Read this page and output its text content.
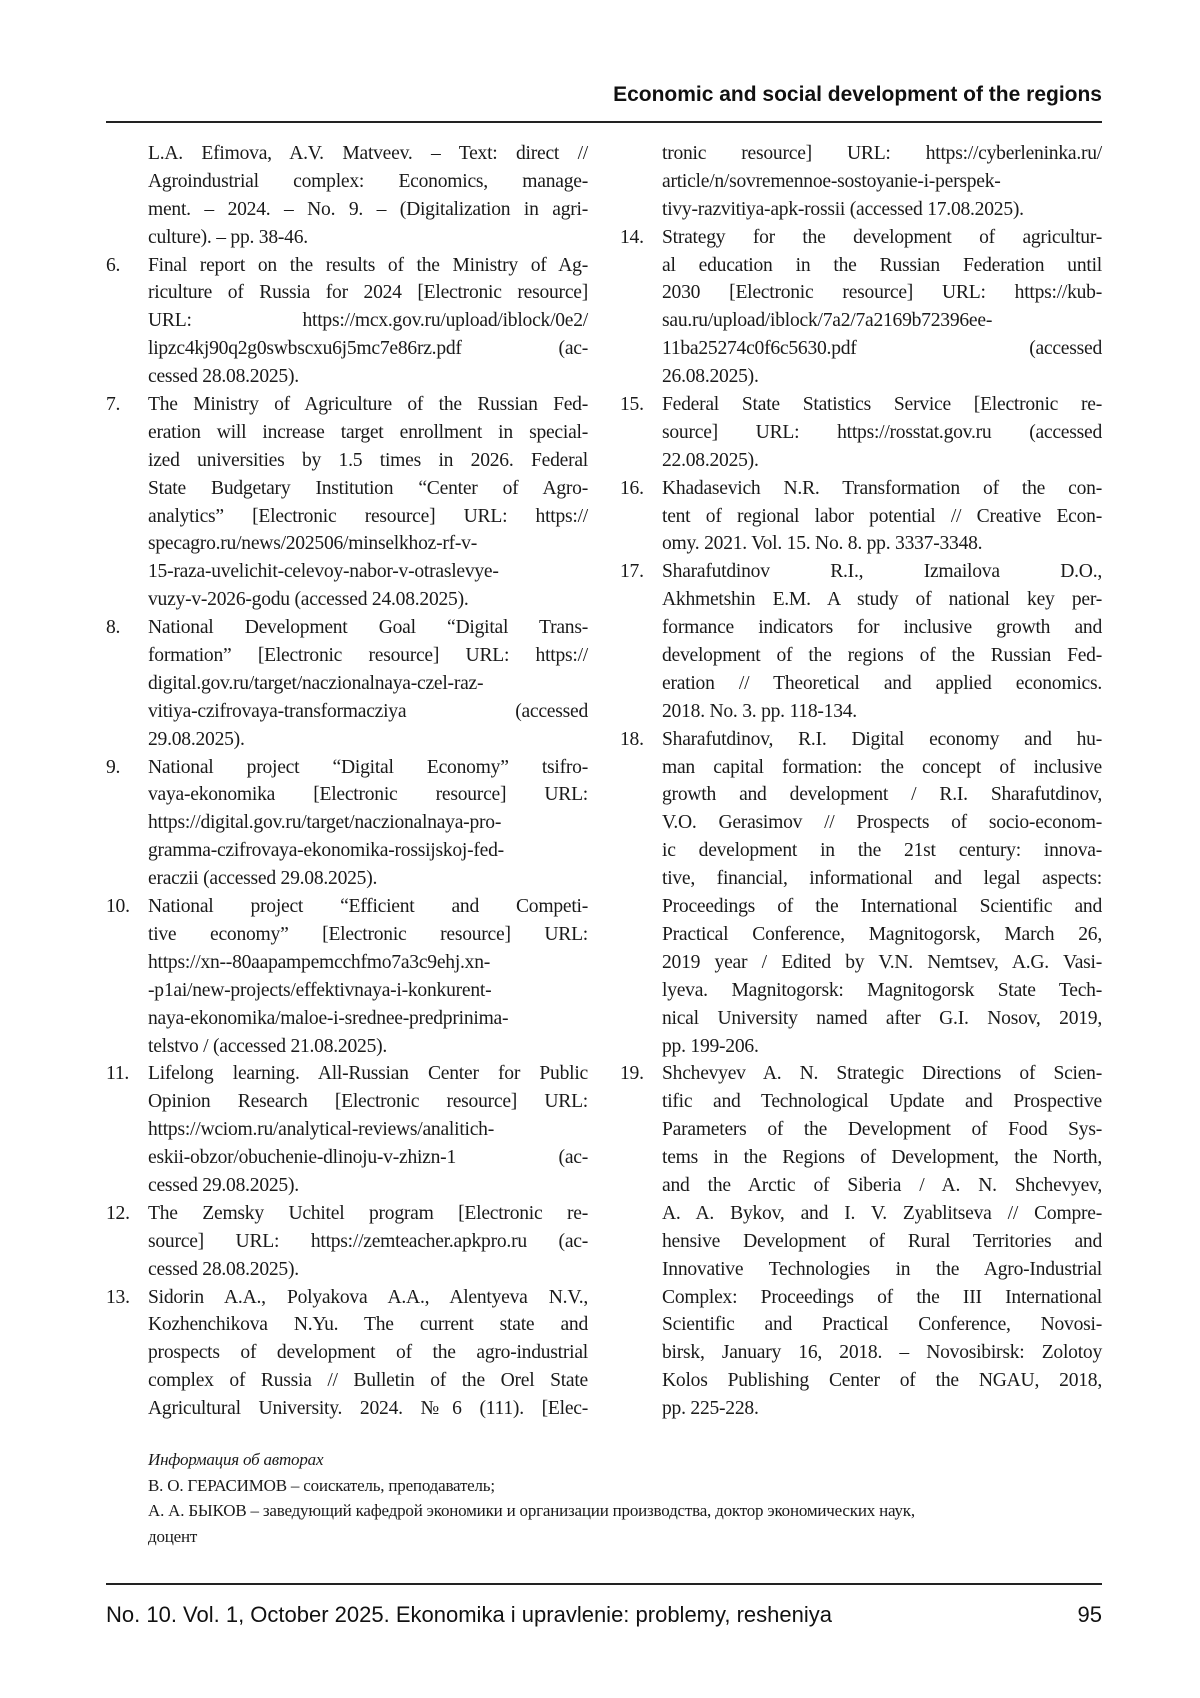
Economic and social development of the regions
L.A. Efimova, A.V. Matveev. – Text: direct //
Agroindustrial complex: Economics, manage-
ment. – 2024. – No. 9. – (Digitalization in agri-
culture). – pp. 38-46.
6. Final report on the results of the Ministry of Ag-
riculture of Russia for 2024 [Electronic resource]
URL: https://mcx.gov.ru/upload/iblock/0e2/
lipzc4kj90q2g0swbscxu6j5mc7e86rz.pdf (ac-
cessed 28.08.2025).
7. The Ministry of Agriculture of the Russian Fed-
eration will increase target enrollment in special-
ized universities by 1.5 times in 2026. Federal
State Budgetary Institution “Center of Agro-
analytics” [Electronic resource] URL: https://
specagro.ru/news/202506/minselkhoz-rf-v-
15-raza-uvelichit-celevoy-nabor-v-otraslevye-
vuzy-v-2026-godu (accessed 24.08.2025).
8. National Development Goal “Digital Trans-
formation” [Electronic resource] URL: https://
digital.gov.ru/target/naczionalnaya-czel-raz-
vitiya-czifrovaya-transformacziya (accessed
29.08.2025).
9. National project “Digital Economy” tsifro-
vaya-ekonomika [Electronic resource] URL:
https://digital.gov.ru/target/naczionalnaya-pro-
gramma-czifrovaya-ekonomika-rossijskoj-fed-
eraczii (accessed 29.08.2025).
10. National project “Efficient and Competi-
tive economy” [Electronic resource] URL:
https://xn--80aapampemcchfmo7a3c9ehj.xn-
-p1ai/new-projects/effektivnaya-i-konkurent-
naya-ekonomika/maloe-i-srednee-predprinima-
telstvo / (accessed 21.08.2025).
11. Lifelong learning. All-Russian Center for Public
Opinion Research [Electronic resource] URL:
https://wciom.ru/analytical-reviews/analitich-
eskii-obzor/obuchenie-dlinoju-v-zhizn-1 (ac-
cessed 29.08.2025).
12. The Zemsky Uchitel program [Electronic re-
source] URL: https://zemteacher.apkpro.ru (ac-
cessed 28.08.2025).
13. Sidorin A.A., Polyakova A.A., Alentyeva N.V.,
Kozhenchikova N.Yu. The current state and
prospects of development of the agro-industrial
complex of Russia // Bulletin of the Orel State
Agricultural University. 2024. №6 (111). [Elec-
tronic resource] URL: https://cyberleninka.ru/
article/n/sovremennoe-sostoyanie-i-perspek-
tivy-razvitiya-apk-rossii (accessed 17.08.2025).
14. Strategy for the development of agricultur-
al education in the Russian Federation until
2030 [Electronic resource] URL: https://kub-
sau.ru/upload/iblock/7a2/7a2169b72396ee-
11ba25274c0f6c5630.pdf (accessed
26.08.2025).
15. Federal State Statistics Service [Electronic re-
source] URL: https://rosstat.gov.ru (accessed
22.08.2025).
16. Khadasevich N.R. Transformation of the con-
tent of regional labor potential // Creative Econ-
omy. 2021. Vol. 15. No. 8. pp. 3337-3348.
17. Sharafutdinov R.I., Izmailova D.O.,
Akhmetshin E.M. A study of national key per-
formance indicators for inclusive growth and
development of the regions of the Russian Fed-
eration // Theoretical and applied economics.
2018. No. 3. pp. 118-134.
18. Sharafutdinov, R.I. Digital economy and hu-
man capital formation: the concept of inclusive
growth and development / R.I. Sharafutdinov,
V.O. Gerasimov // Prospects of socio-econom-
ic development in the 21st century: innova-
tive, financial, informational and legal aspects:
Proceedings of the International Scientific and
Practical Conference, Magnitogorsk, March 26,
2019 year / Edited by V.N. Nemtsev, A.G. Vasi-
lyeva. Magnitogorsk: Magnitogorsk State Tech-
nical University named after G.I. Nosov, 2019,
pp. 199-206.
19. Shchevyev A. N. Strategic Directions of Scien-
tific and Technological Update and Prospective
Parameters of the Development of Food Sys-
tems in the Regions of Development, the North,
and the Arctic of Siberia / A. N. Shchevyev,
A. A. Bykov, and I. V. Zyablitseva // Compre-
hensive Development of Rural Territories and
Innovative Technologies in the Agro-Industrial
Complex: Proceedings of the III International
Scientific and Practical Conference, Novosi-
birsk, January 16, 2018. – Novosibirsk: Zolotoy
Kolos Publishing Center of the NGAU, 2018,
pp. 225-228.
Информация об авторах
В. О. ГЕРАСИМОВ – соискатель, преподаватель;
А. А. БЫКОВ – заведующий кафедрой экономики и организации производства, доктор экономических наук,
доцент
No. 10. Vol. 1, October 2025. Ekonomika i upravlenie: problemy, resheniya	95
